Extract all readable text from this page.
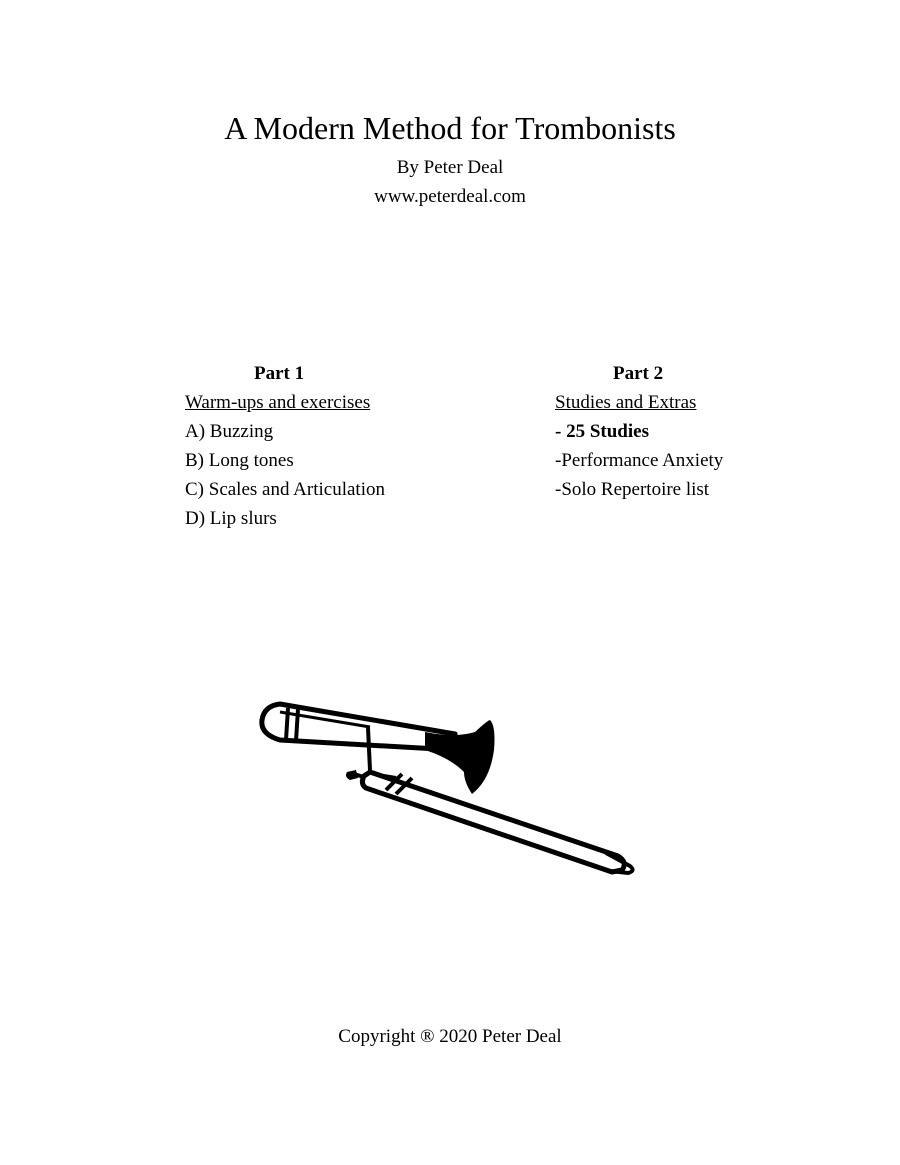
A Modern Method for Trombonists
By Peter Deal
www.peterdeal.com
Part 1
Warm-ups and exercises
A) Buzzing
B) Long tones
C) Scales and Articulation
D) Lip slurs
Part 2
Studies and Extras
- 25 Studies
-Performance Anxiety
-Solo Repertoire list
Copyright ® 2020 Peter Deal
